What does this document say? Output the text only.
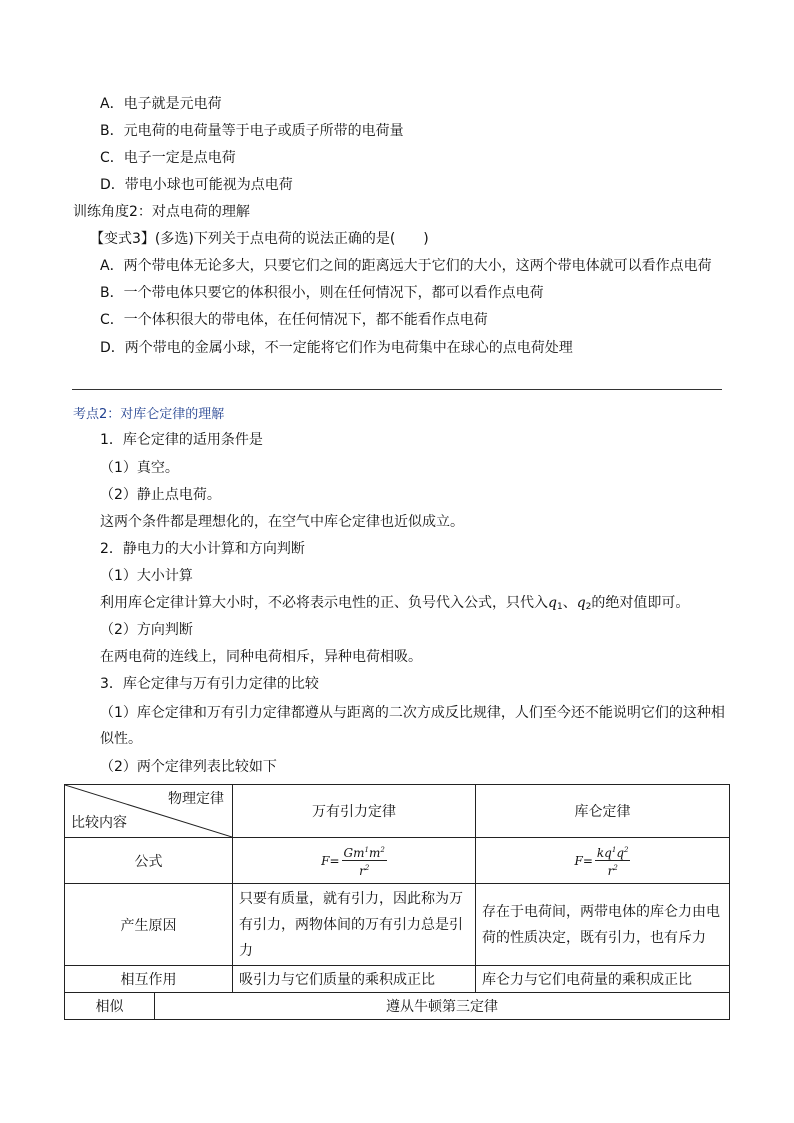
A．电子就是元电荷
B．元电荷的电荷量等于电子或质子所带的电荷量
C．电子一定是点电荷
D．带电小球也可能视为点电荷
训练角度2：对点电荷的理解
【变式3】(多选)下列关于点电荷的说法正确的是(　　)
A．两个带电体无论多大，只要它们之间的距离远大于它们的大小，这两个带电体就可以看作点电荷
B．一个带电体只要它的体积很小，则在任何情况下，都可以看作点电荷
C．一个体积很大的带电体，在任何情况下，都不能看作点电荷
D．两个带电的金属小球，不一定能将它们作为电荷集中在球心的点电荷处理
考点2：对库仑定律的理解
1．库仑定律的适用条件是
（1）真空。
（2）静止点电荷。
这两个条件都是理想化的，在空气中库仑定律也近似成立。
2．静电力的大小计算和方向判断
（1）大小计算
利用库仑定律计算大小时，不必将表示电性的正、负号代入公式，只代入$q_1$、$q_2$的绝对值即可。
（2）方向判断
在两电荷的连线上，同种电荷相斥，异种电荷相吸。
3．库仑定律与万有引力定律的比较
（1）库仑定律和万有引力定律都遵从与距离的二次方成反比规律，人们至今还不能说明它们的这种相
似性。
（2）两个定律列表比较如下
物理定律
比较内容		万有引力定律	库仑定律
公式		$F= \frac{Gm^1m^2}{r^2}$	$F= \frac{kq^1q^2}{r^2}$

产生原因		只要有质量，就有引力，因此称为万有引力，两物体间的万有引力总是引力	存在于电荷间，两带电体的库仑力由电荷的性质决定，既有引力，也有斥力
相互作用		吸引力与它们质量的乘积成正比	库仑力与它们电荷量的乘积成正比
相似	遵从牛顿第三定律		
